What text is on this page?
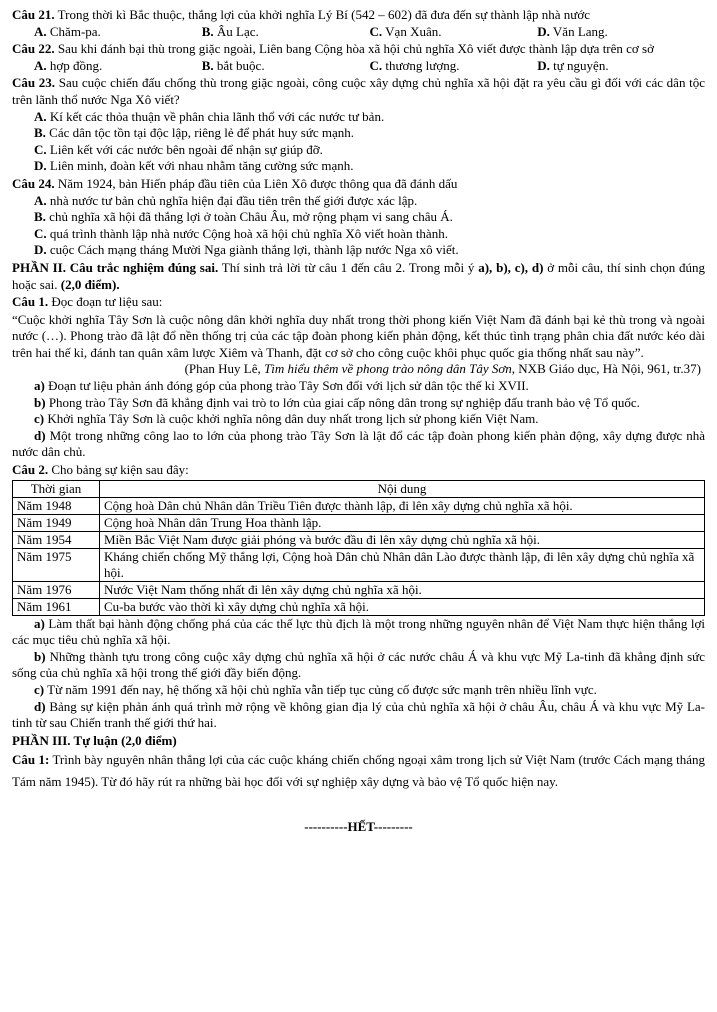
Câu 21. Trong thời kì Bắc thuộc, thắng lợi của khởi nghĩa Lý Bí (542 – 602) đã đưa đến sự thành lập nhà nước

A. Chăm-pa.	B. Âu Lạc.	C. Vạn Xuân.	D. Văn Lang.

Câu 22. Sau khi đánh bại thù trong giặc ngoài, Liên bang Cộng hòa xã hội chủ nghĩa Xô viết được thành lập dựa trên cơ sở

A. hợp đồng.	B. bắt buộc.	C. thương lượng.	D. tự nguyện.

Câu 23. Sau cuộc chiến đấu chống thù trong giặc ngoài, công cuộc xây dựng chủ nghĩa xã hội đặt ra yêu cầu gì đối với các dân tộc trên lãnh thổ nước Nga Xô viết?

A. Kí kết các thỏa thuận về phân chia lãnh thổ với các nước tư bản.
B. Các dân tộc tồn tại độc lập, riêng lẻ để phát huy sức mạnh.
C. Liên kết với các nước bên ngoài để nhận sự giúp đỡ.
D. Liên minh, đoàn kết với nhau nhằm tăng cường sức mạnh.

Câu 24. Năm 1924, bản Hiến pháp đầu tiên của Liên Xô được thông qua đã đánh dấu

A. nhà nước tư bản chủ nghĩa hiện đại đầu tiên trên thế giới được xác lập.
B. chủ nghĩa xã hội đã thắng lợi ở toàn Châu Âu, mở rộng phạm vi sang châu Á.
C. quá trình thành lập nhà nước Cộng hoà xã hội chủ nghĩa Xô viết hoàn thành.
D. cuộc Cách mạng tháng Mười Nga giành thắng lợi, thành lập nước Nga xô viết.

PHẦN II. Câu trắc nghiệm đúng sai. Thí sinh trả lời từ câu 1 đến câu 2. Trong mỗi ý a), b), c), d) ở mỗi câu, thí sinh chọn đúng hoặc sai. (2,0 điểm).

Câu 1. Đọc đoạn tư liệu sau:

“Cuộc khởi nghĩa Tây Sơn là cuộc nông dân khởi nghĩa duy nhất trong thời phong kiến Việt Nam đã đánh bại kẻ thù trong và ngoài nước (…). Phong trào đã lật đổ nền thống trị của các tập đoàn phong kiến phản động, kết thúc tình trạng phân chia đất nước kéo dài trên hai thế kỉ, đánh tan quân xâm lược Xiêm và Thanh, đặt cơ sở cho công cuộc khôi phục quốc gia thống nhất sau này”.

(Phan Huy Lê, Tìm hiểu thêm về phong trào nông dân Tây Sơn, NXB Giáo dục, Hà Nội, 961, tr.37)

a) Đoạn tư liệu phản ánh đóng góp của phong trào Tây Sơn đối với lịch sử dân tộc thế kỉ XVII.

b) Phong trào Tây Sơn đã khẳng định vai trò to lớn của giai cấp nông dân trong sự nghiệp đấu tranh bảo vệ Tổ quốc.

c) Khởi nghĩa Tây Sơn là cuộc khởi nghĩa nông dân duy nhất trong lịch sử phong kiến Việt Nam.

d) Một trong những công lao to lớn của phong trào Tây Sơn là lật đổ các tập đoàn phong kiến phản động, xây dựng được nhà nước dân chủ.

Câu 2. Cho bảng sự kiện sau đây:

Thời gian	Nội dung
Năm 1948	Cộng hoà Dân chủ Nhân dân Triều Tiên được thành lập, đi lên xây dựng chủ nghĩa xã hội.
Năm 1949	Cộng hoà Nhân dân Trung Hoa thành lập.
Năm 1954	Miền Bắc Việt Nam được giải phóng và bước đầu đi lên xây dựng chủ nghĩa xã hội.
Năm 1975	Kháng chiến chống Mỹ thắng lợi, Cộng hoà Dân chủ Nhân dân Lào được thành lập, đi lên xây dựng chủ nghĩa xã hội.
Năm 1976	Nước Việt Nam thống nhất đi lên xây dựng chủ nghĩa xã hội.
Năm 1961	Cu-ba bước vào thời kì xây dựng chủ nghĩa xã hội.

a) Làm thất bại hành động chống phá của các thế lực thù địch là một trong những nguyên nhân để Việt Nam thực hiện thắng lợi các mục tiêu chủ nghĩa xã hội.

b) Những thành tựu trong công cuộc xây dựng chủ nghĩa xã hội ở các nước châu Á và khu vực Mỹ La-tinh đã khẳng định sức sống của chủ nghĩa xã hội trong thế giới đầy biến động.

c) Từ năm 1991 đến nay, hệ thống xã hội chủ nghĩa vẫn tiếp tục củng cố được sức mạnh trên nhiều lĩnh vực.

d) Bảng sự kiện phản ánh quá trình mở rộng về không gian địa lý của chủ nghĩa xã hội ở châu Âu, châu Á và khu vực Mỹ La-tinh từ sau Chiến tranh thế giới thứ hai.

PHẦN III. Tự luận (2,0 điểm)

Câu 1: Trình bày nguyên nhân thắng lợi của các cuộc kháng chiến chống ngoại xâm trong lịch sử Việt Nam (trước Cách mạng tháng Tám năm 1945). Từ đó hãy rút ra những bài học đối với sự nghiệp xây dựng và bảo vệ Tổ quốc hiện nay.

----------HẾT---------
